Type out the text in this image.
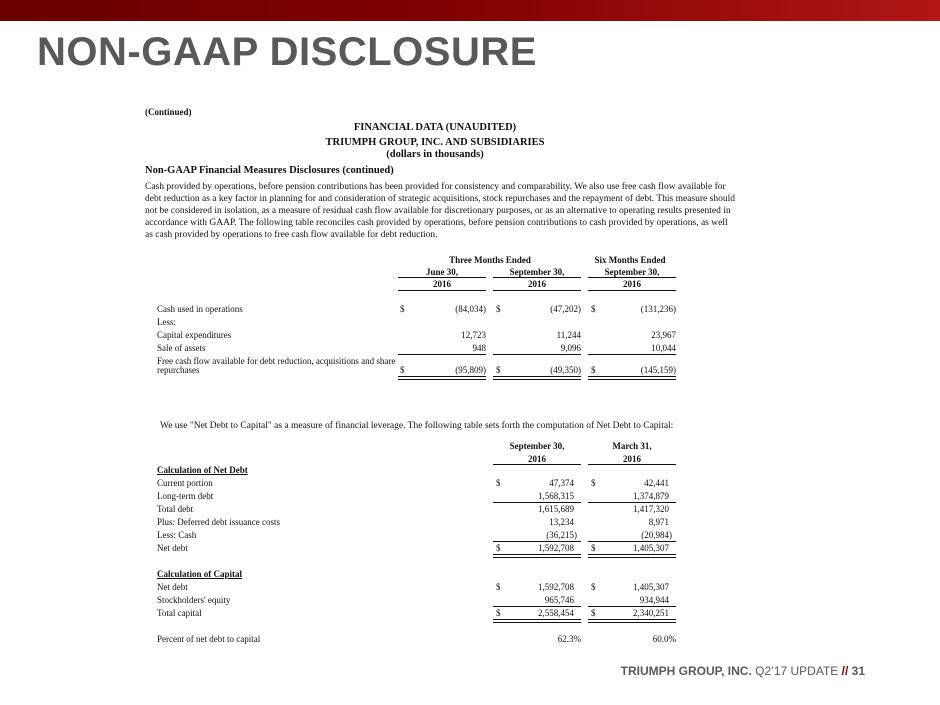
NON-GAAP DISCLOSURE
(Continued)
FINANCIAL DATA (UNAUDITED)
TRIUMPH GROUP, INC. AND SUBSIDIARIES
(dollars in thousands)
Non-GAAP Financial Measures Disclosures (continued)

Cash provided by operations, before pension contributions has been provided for consistency and comparability. We also use free cash flow available for debt reduction as a key factor in planning for and consideration of strategic acquisitions, stock repurchases and the repayment of debt. This measure should not be considered in isolation, as a measure of residual cash flow available for discretionary purposes, or as an alternative to operating results presented in accordance with GAAP. The following table reconciles cash provided by operations, before pension contributions to cash provided by operations, as well as cash provided by operations to free cash flow available for debt reduction.

Three Months Ended	Six Months Ended
June 30,	September 30,	September 30,
2016	2016	2016
Cash used in operations	$	(84,034) $	(47,202) $	(131,236)
Less:
Capital expenditures	12,723	11,244	23,967
Sale of assets	948	9,096	10,044
Free cash flow available for debt reduction, acquisitions and share
repurchases	$	(95,809) $	(49,350) $	(145,159)
We use "Net Debt to Capital" as a measure of financial leverage. The following table sets forth the computation of Net Debt to Capital:
September 30,	March 31,
2016	2016
Calculation of Net Debt
Current portion	$	47,374 $	42,441
Long-term debt	1,568,315	1,374,879
Total debt	1,615,689	1,417,320
Plus: Deferred debt issuance costs	13,234	8,971
Less: Cash	(36,215)	(20,984)
Net debt	$	1,592,708 $	1,405,307
Calculation of Capital
Net debt	$	1,592,708 $	1,405,307
Stockholders' equity	965,746	934,944
Total capital	$	2,558,454 $	2,340,251
Percent of net debt to capital	62.3%	60.0%
TRIUMPH GROUP, INC. Q2’17 UPDATE // 31
